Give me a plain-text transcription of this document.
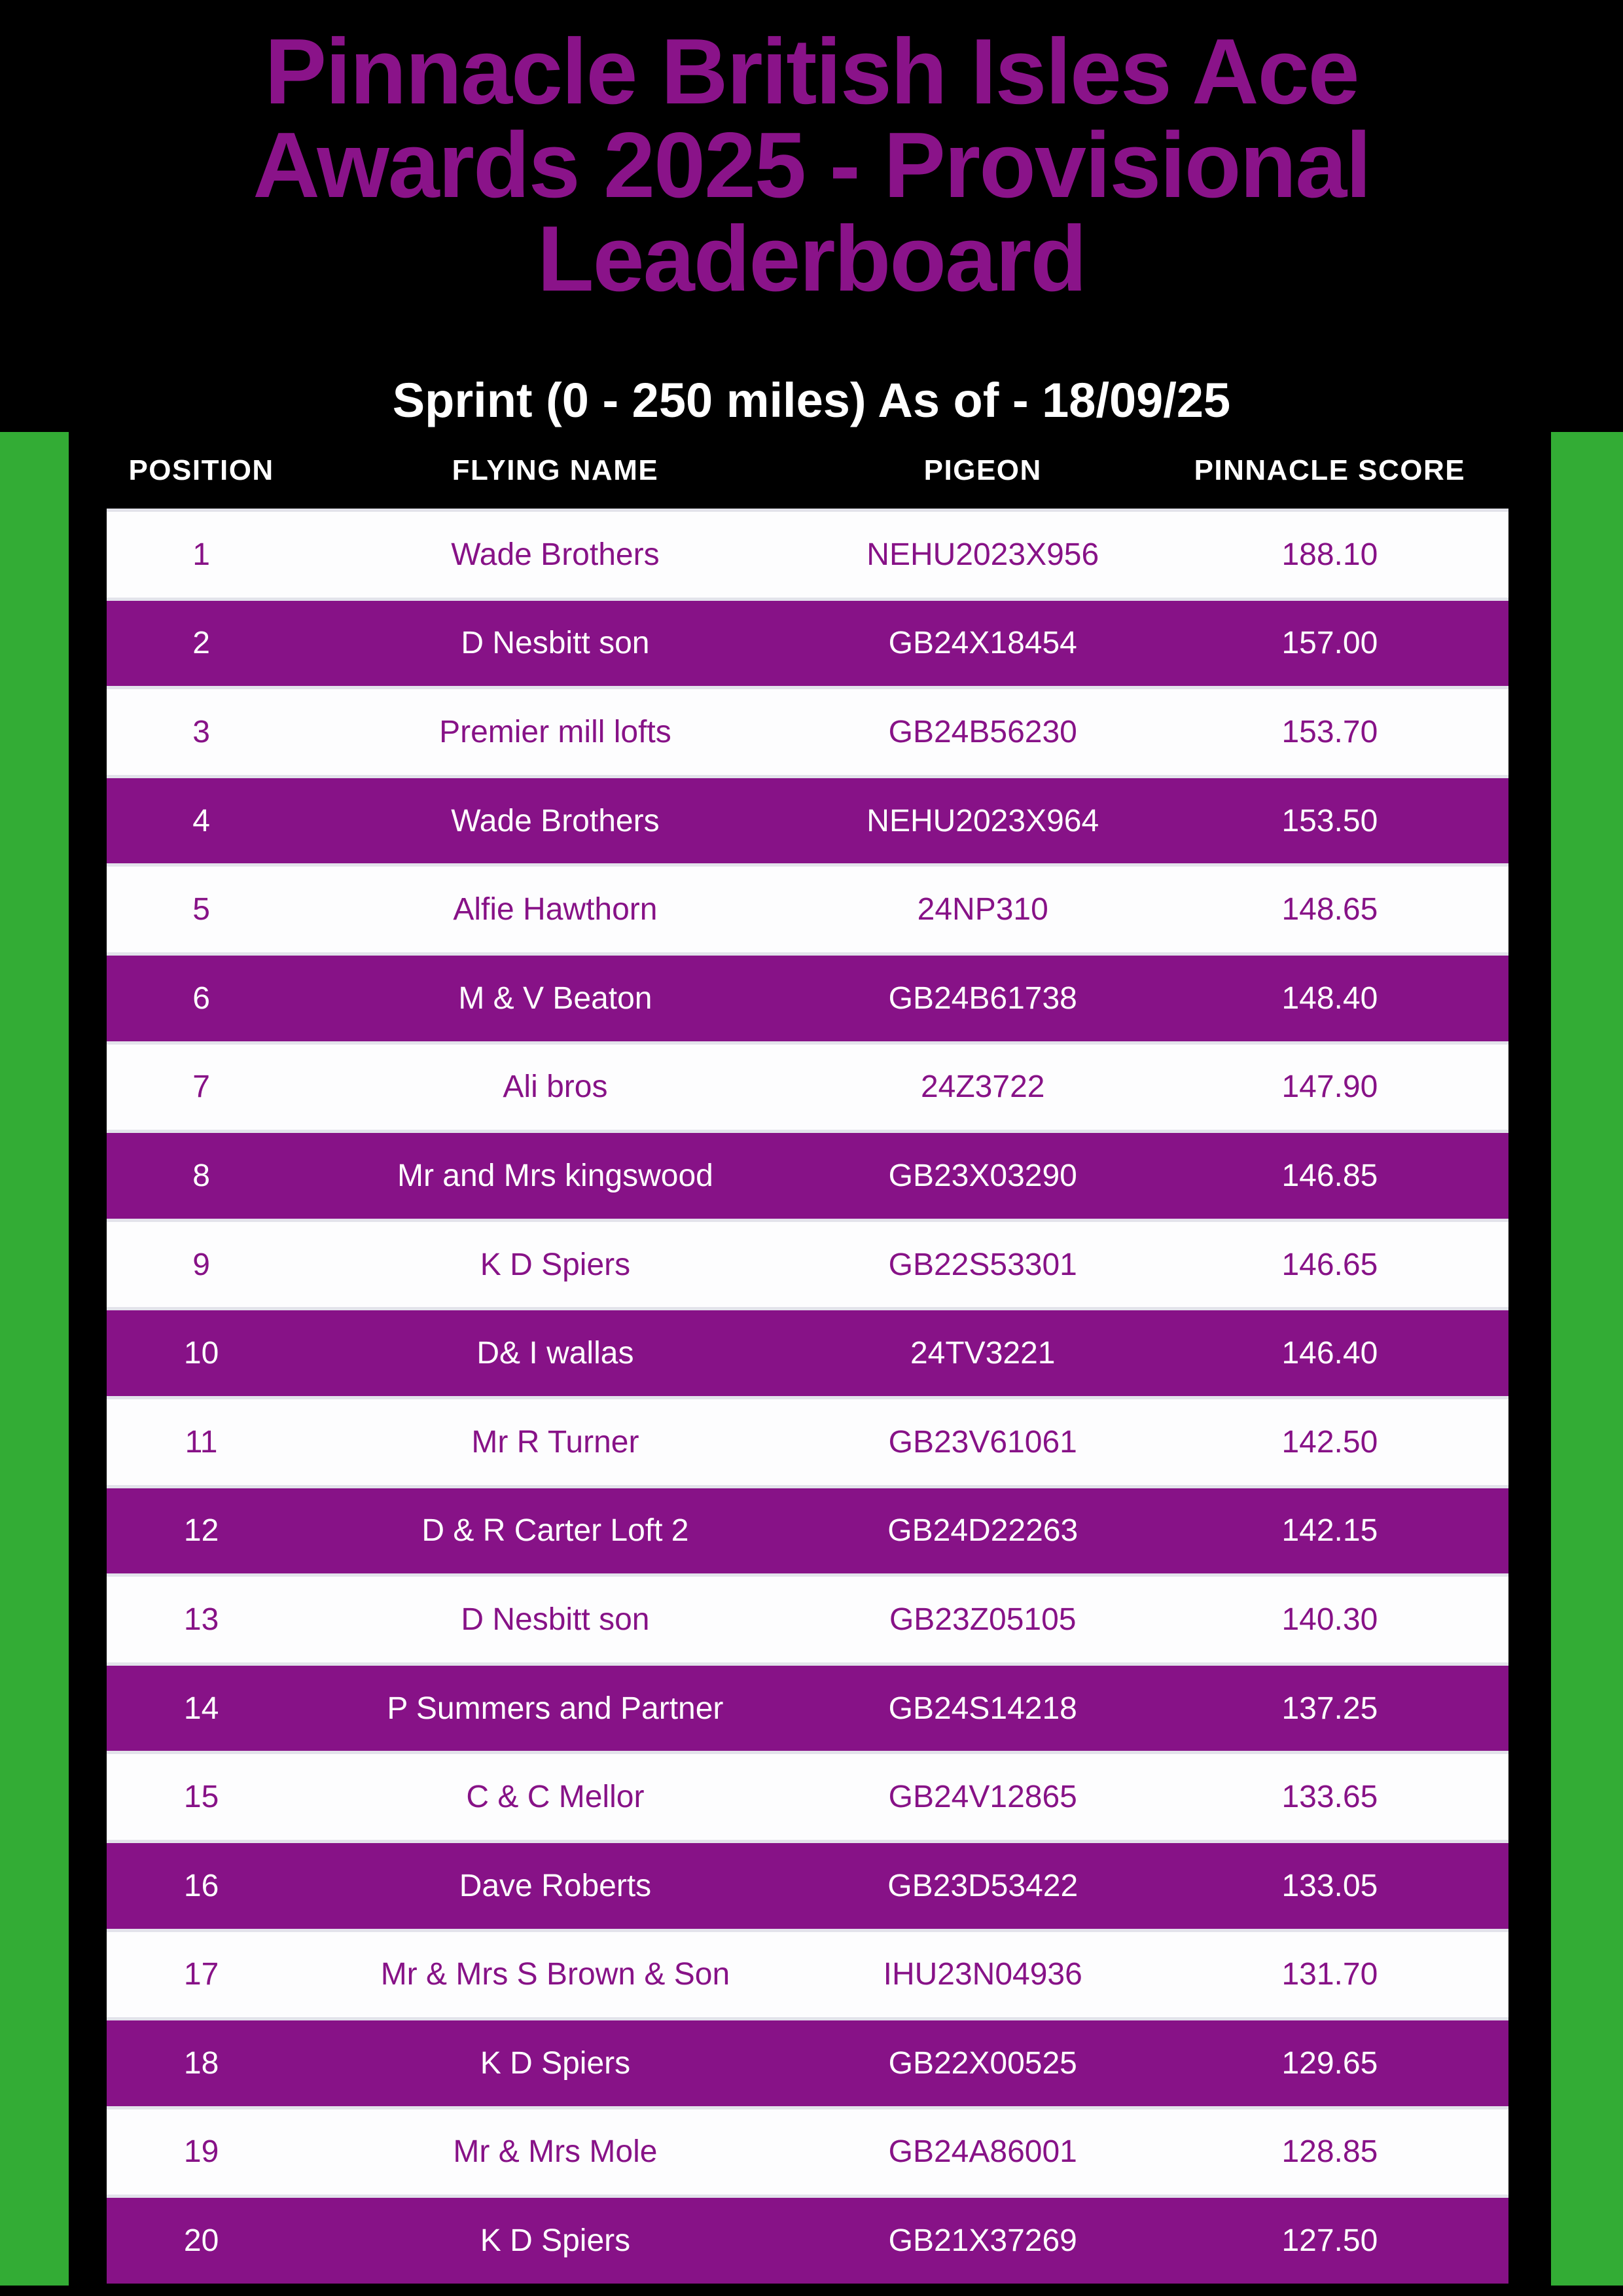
Pinnacle British Isles Ace
Awards 2025 - Provisional
Leaderboard
Sprint (0 - 250 miles) As of - 18/09/25
POSITION	FLYING NAME	PIGEON	PINNACLE SCORE
1	Wade Brothers	NEHU2023X956	188.10
2	D Nesbitt son	GB24X18454	157.00
3	Premier mill lofts	GB24B56230	153.70
4	Wade Brothers	NEHU2023X964	153.50
5	Alfie Hawthorn	24NP310	148.65
6	M & V Beaton	GB24B61738	148.40
7	Ali bros	24Z3722	147.90
8	Mr and Mrs kingswood	GB23X03290	146.85
9	K D Spiers	GB22S53301	146.65
10	D& I wallas	24TV3221	146.40
11	Mr R Turner	GB23V61061	142.50
12	D & R Carter Loft 2	GB24D22263	142.15
13	D Nesbitt son	GB23Z05105	140.30
14	P Summers and Partner	GB24S14218	137.25
15	C & C Mellor	GB24V12865	133.65
16	Dave Roberts	GB23D53422	133.05
17	Mr & Mrs S Brown & Son	IHU23N04936	131.70
18	K D Spiers	GB22X00525	129.65
19	Mr & Mrs Mole	GB24A86001	128.85
20	K D Spiers	GB21X37269	127.50
